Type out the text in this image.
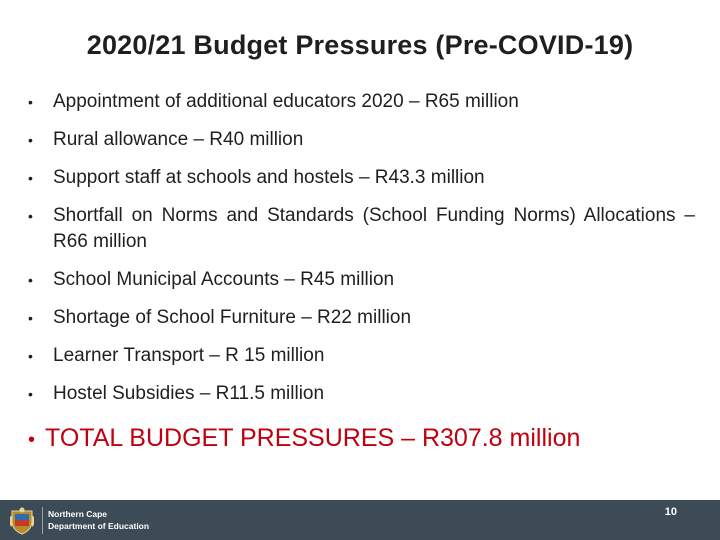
2020/21 Budget Pressures (Pre-COVID-19)
• Appointment of additional educators 2020 – R65 million
• Rural allowance – R40 million
• Support staff at schools and hostels – R43.3 million
• Shortfall on Norms and Standards (School Funding Norms) Allocations – R66 million
• School Municipal Accounts – R45 million
• Shortage of School Furniture – R22 million
• Learner Transport – R 15 million
• Hostel Subsidies – R11.5 million
• TOTAL BUDGET PRESSURES – R307.8 million
Northern Cape
Department of Education
10
